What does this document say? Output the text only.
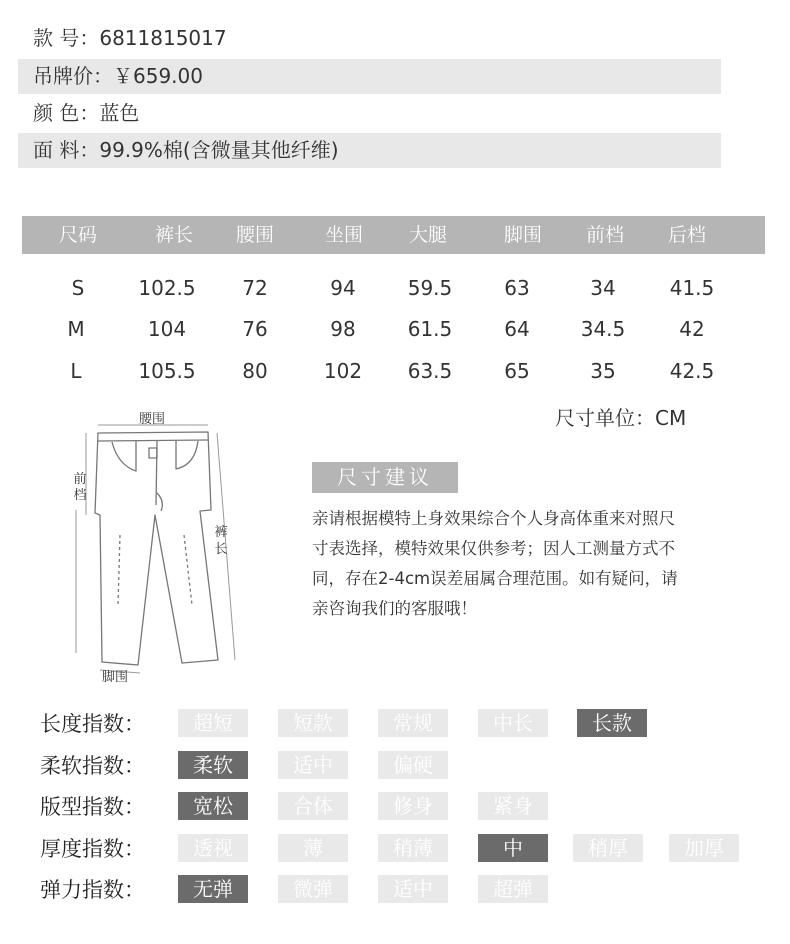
款 号：6811815017
吊牌价：￥659.00
颜 色：蓝色
面 料：99.9%棉(含微量其他纤维)
尺码	裤长 腰围	坐围 大腿	脚围 前档 后档
S	102.5 72	94	59.5	63	34	41.5
M	104	76	98	61.5	64	34.5	42
L	105.5 80	102 63.5	65	35	42.5
尺寸单位：CM
腰围
前
档
裤
长
脚围
尺寸建议
亲请根据模特上身效果综合个人身高体重来对照尺
寸表选择，模特效果仅供参考；因人工测量方式不
同，存在2-4cm误差届属合理范围。如有疑问，请
亲咨询我们的客服哦！
长度指数：	超短	短款	常规	中长	长款
柔软指数：	柔软	适中	偏硬
版型指数：	宽松	合体	修身	紧身
厚度指数：	透视	薄	稍薄	中	稍厚	加厚
弹力指数：	无弹	微弹	适中	超弹
